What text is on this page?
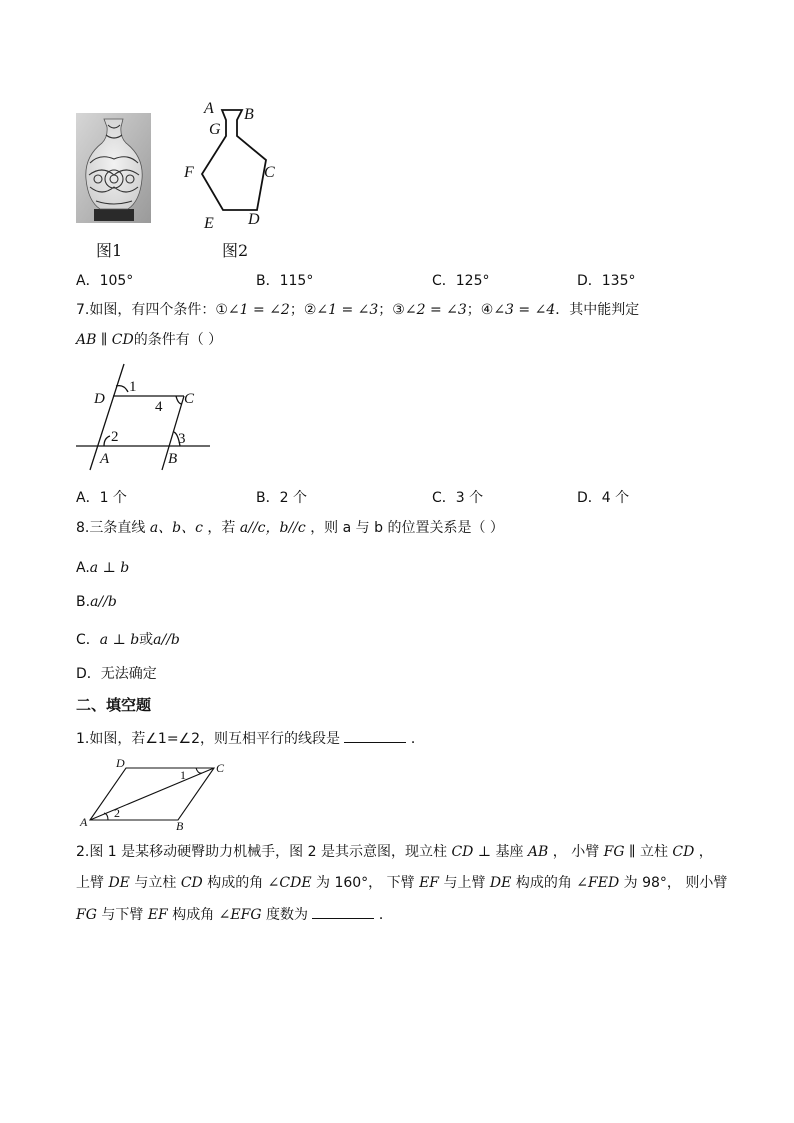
A B
G
C
F
E D
图1	图2
A．105°	B．115°	C．125°	D．135°
7.如图，有四个条件：①∠1 = ∠2；②∠1 = ∠3；③∠2 = ∠3；④∠3 = ∠4．其中能判定
AB ∥ CD的条件有（ ）
D
1
C
4
2	3
A	B
A．1 个	B．2 个	C．3 个	D．4 个
8.三条直线 a、b、c ，若 a//c，b//c ，则 a 与 b 的位置关系是（ ）
A.a ⊥ b
B.a//b
C．a ⊥ b或a//b
D．无法确定
二、填空题
1.如图，若∠1=∠2，则互相平行的线段是	．
D	C
1
2
A	B
2.图 1 是某移动硬臀助力机械手，图 2 是其示意图，现立柱 CD ⊥ 基座 AB ， 小臂 FG ∥ 立柱 CD ，
上臂 DE 与立柱 CD 构成的角 ∠CDE 为 160°， 下臂 EF 与上臂 DE 构成的角 ∠FED 为 98°， 则小臂
FG 与下臂 EF 构成角 ∠EFG 度数为	．
